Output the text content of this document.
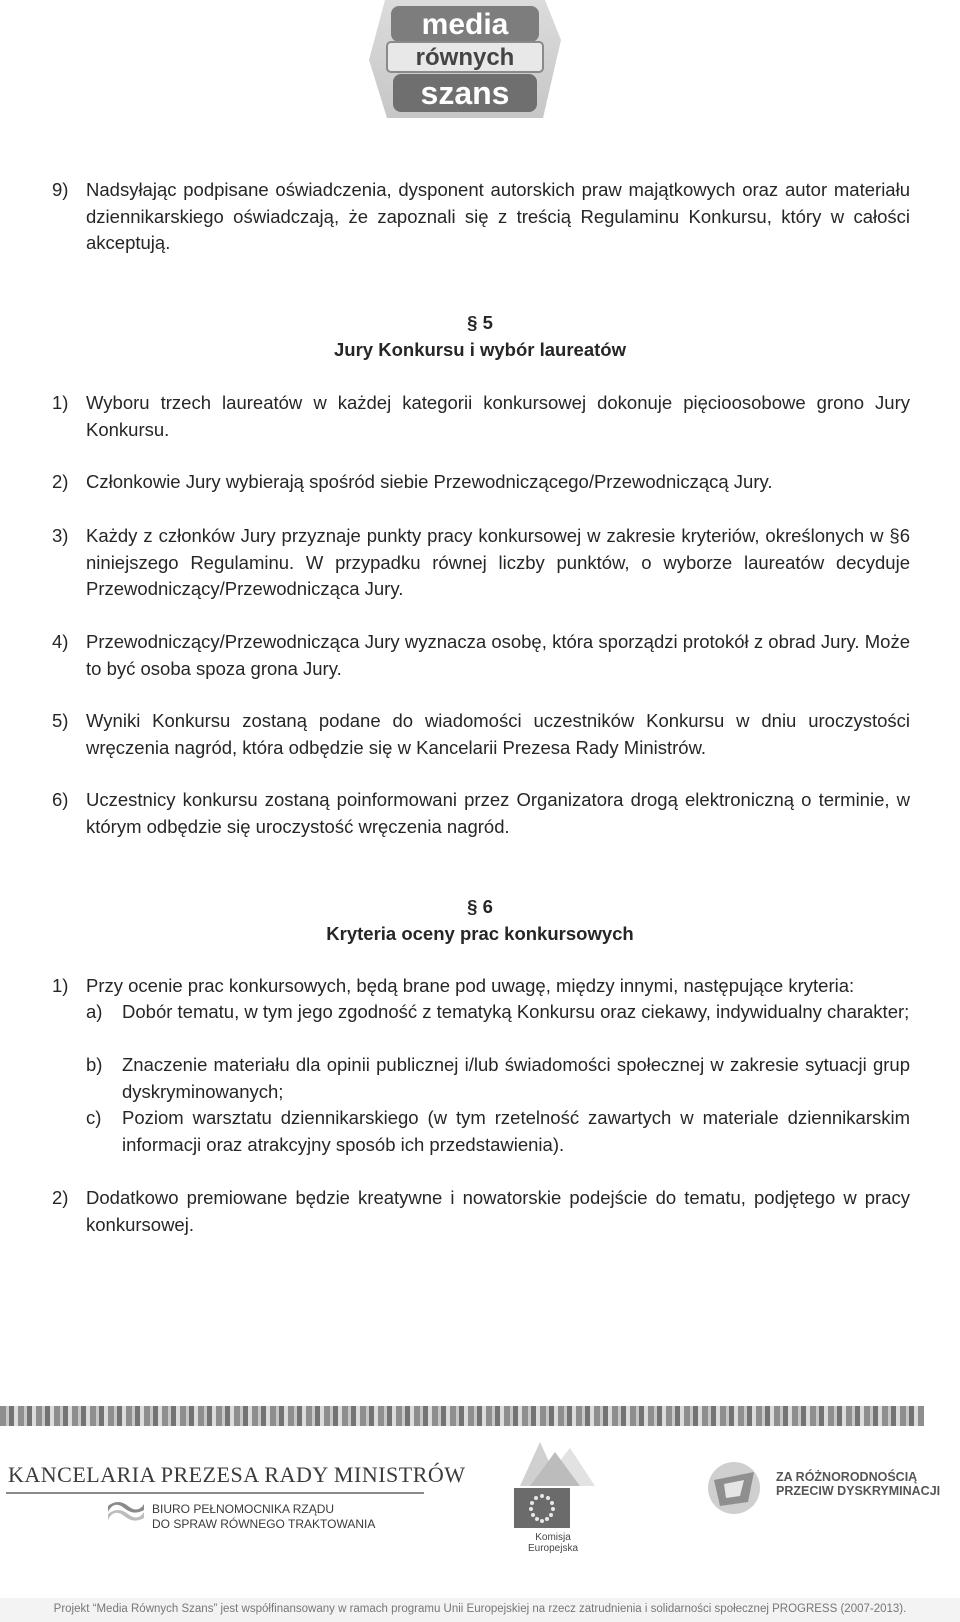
media
równych
szans
9) Nadsyłając podpisane oświadczenia, dysponent autorskich praw majątkowych oraz autor materiału dziennikarskiego oświadczają, że zapoznali się z treścią Regulaminu Konkursu, który w całości akceptują.
§ 5
Jury Konkursu i wybór laureatów
1) Wyboru trzech laureatów w każdej kategorii konkursowej dokonuje pięcioosobowe grono Jury Konkursu.
2) Członkowie Jury wybierają spośród siebie Przewodniczącego/Przewodniczącą Jury.
3) Każdy z członków Jury przyznaje punkty pracy konkursowej w zakresie kryteriów, określonych w §6 niniejszego Regulaminu. W przypadku równej liczby punktów, o wyborze laureatów decyduje Przewodniczący/Przewodnicząca Jury.
4) Przewodniczący/Przewodnicząca Jury wyznacza osobę, która sporządzi protokół z obrad Jury. Może to być osoba spoza grona Jury.
5) Wyniki Konkursu zostaną podane do wiadomości uczestników Konkursu w dniu uroczystości wręczenia nagród, która odbędzie się w Kancelarii Prezesa Rady Ministrów.
6) Uczestnicy konkursu zostaną poinformowani przez Organizatora drogą elektroniczną o terminie, w którym odbędzie się uroczystość wręczenia nagród.
§ 6
Kryteria oceny prac konkursowych
1) Przy ocenie prac konkursowych, będą brane pod uwagę, między innymi, następujące kryteria:
a) Dobór tematu, w tym jego zgodność z tematyką Konkursu oraz ciekawy, indywidualny charakter;
b) Znaczenie materiału dla opinii publicznej i/lub świadomości społecznej w zakresie sytuacji grup dyskryminowanych;
c) Poziom warsztatu dziennikarskiego (w tym rzetelność zawartych w materiale dziennikarskim informacji oraz atrakcyjny sposób ich przedstawienia).
2) Dodatkowo premiowane będzie kreatywne i nowatorskie podejście do tematu, podjętego w pracy konkursowej.
KANCELARIA PREZESA RADY MINISTRÓW
BIURO PEŁNOMOCNIKA RZĄDU
DO SPRAW RÓWNEGO TRAKTOWANIA
Komisja
Europejska
ZA RÓŻNORODNOŚCIĄ
PRZECIW DYSKRYMINACJI
Projekt “Media Równych Szans” jest współfinansowany w ramach programu Unii Europejskiej na rzecz zatrudnienia i solidarności społecznej PROGRESS (2007-2013).
